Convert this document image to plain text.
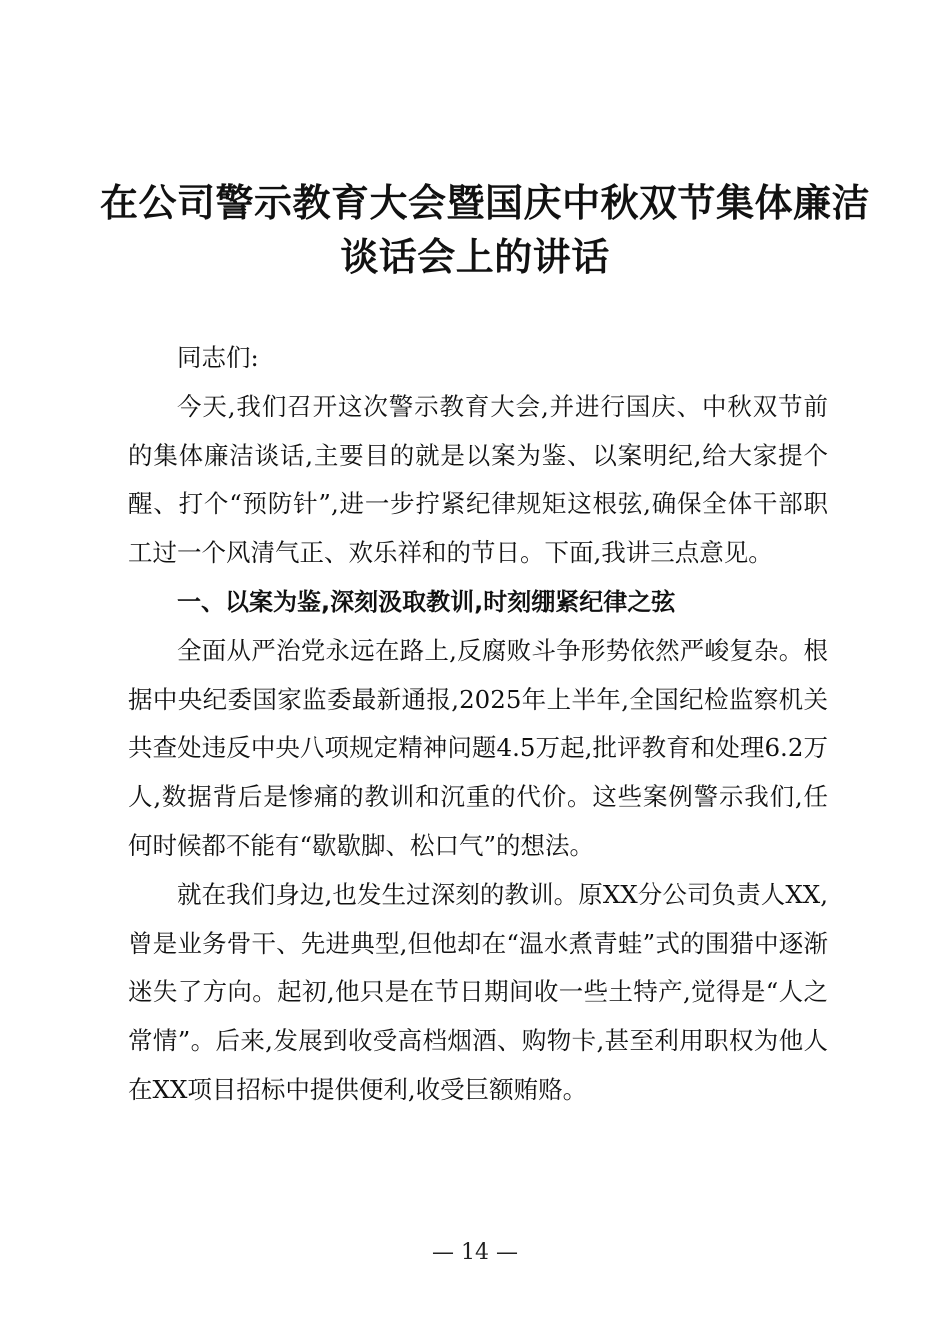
在公司警示教育大会暨国庆中秋双节集体廉洁
谈话会上的讲话

同志们:

今天,我们召开这次警示教育大会,并进行国庆、中秋双节前的集体廉洁谈话,主要目的就是以案为鉴、以案明纪,给大家提个醒、打个“预防针”,进一步拧紧纪律规矩这根弦,确保全体干部职工过一个风清气正、欢乐祥和的节日。下面,我讲三点意见。

一、以案为鉴,深刻汲取教训,时刻绷紧纪律之弦

全面从严治党永远在路上,反腐败斗争形势依然严峻复杂。根据中央纪委国家监委最新通报,2025年上半年,全国纪检监察机关共查处违反中央八项规定精神问题4.5万起,批评教育和处理6.2万人,数据背后是惨痛的教训和沉重的代价。这些案例警示我们,任何时候都不能有“歇歇脚、松口气”的想法。

就在我们身边,也发生过深刻的教训。原XX分公司负责人XX,曾是业务骨干、先进典型,但他却在“温水煮青蛙”式的围猎中逐渐迷失了方向。起初,他只是在节日期间收一些土特产,觉得是“人之常情”。后来,发展到收受高档烟酒、购物卡,甚至利用职权为他人在XX项目招标中提供便利,收受巨额贿赂。

— 14 —
